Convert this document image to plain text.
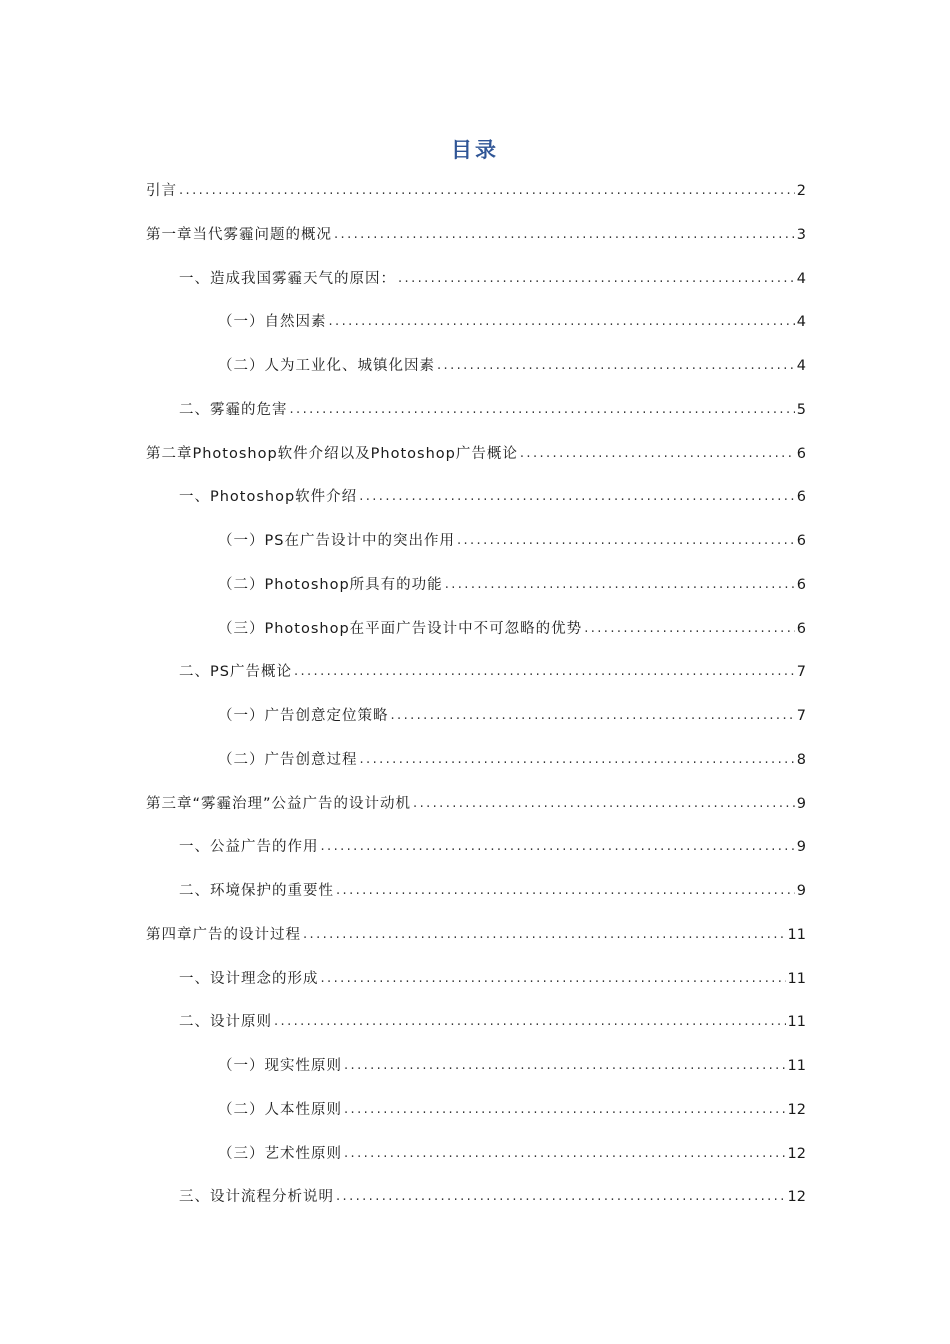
目录
引言 .....	2
第一章当代雾霾问题的概况 .....	3
一、造成我国雾霾天气的原因： .....	4
（一）自然因素 .....	4
（二）人为工业化、城镇化因素 .....	4
二、雾霾的危害 .....	5
第二章Photoshop软件介绍以及Photoshop广告概论 .....	6
一、Photoshop软件介绍 .....	6
（一）PS在广告设计中的突出作用 .....	6
（二）Photoshop所具有的功能 .....	6
（三）Photoshop在平面广告设计中不可忽略的优势 .....	6
二、PS广告概论 .....	7
（一）广告创意定位策略 .....	7
（二）广告创意过程 .....	8
第三章“雾霾治理”公益广告的设计动机 .....	9
一、公益广告的作用 .....	9
二、环境保护的重要性 .....	9
第四章广告的设计过程 .....	11
一、设计理念的形成 .....	11
二、设计原则 .....	11
（一）现实性原则 .....	11
（二）人本性原则 .....	12
（三）艺术性原则 .....	12
三、设计流程分析说明 .....	12
